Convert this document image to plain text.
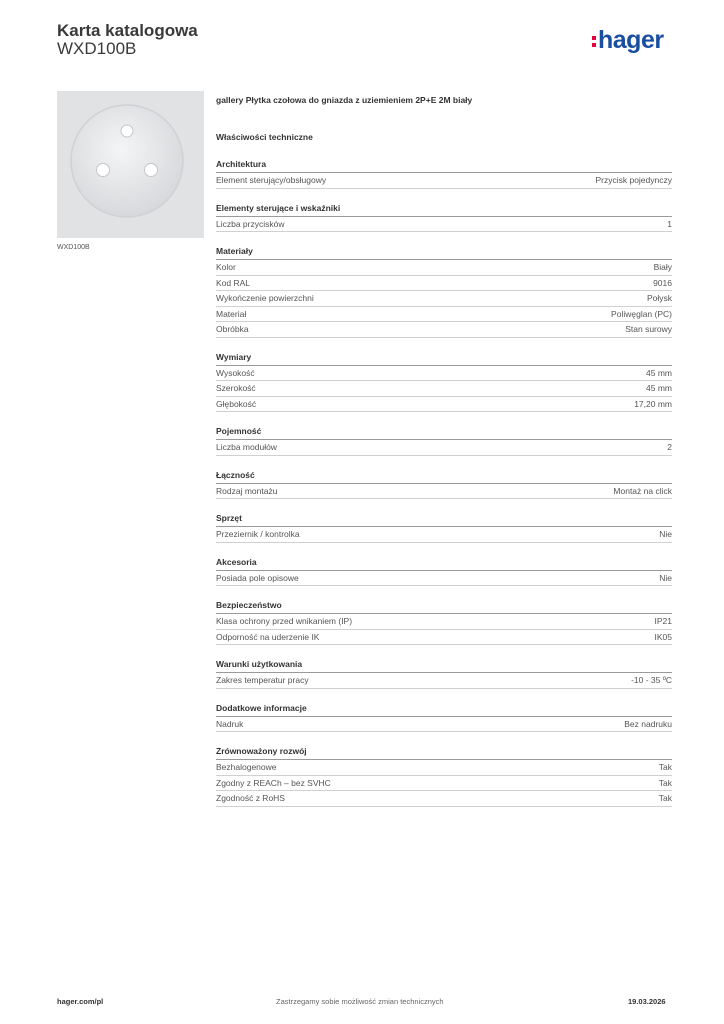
Karta katalogowa
WXD100B	hager
WXD100B
gallery Płytka czołowa do gniazda z uziemieniem 2P+E 2M biały
Właściwości techniczne
Architektura
Element sterujący/obsługowy	Przycisk pojedynczy
Elementy sterujące i wskaźniki
Liczba przycisków	1
Materiały
Kolor	Biały
Kod RAL	9016
Wykończenie powierzchni	Połysk
Materiał	Poliwęglan (PC)
Obróbka	Stan surowy
Wymiary
Wysokość	45 mm
Szerokość	45 mm
Głębokość	17,20 mm
Pojemność
Liczba modułów	2
Łączność
Rodzaj montażu	Montaż na click
Sprzęt
Przeziernik / kontrolka	Nie
Akcesoria
Posiada pole opisowe	Nie
Bezpieczeństwo
Klasa ochrony przed wnikaniem (IP)	IP21
Odporność na uderzenie IK	IK05
Warunki użytkowania
Zakres temperatur pracy	-10 - 35 ºC
Dodatkowe informacje
Nadruk	Bez nadruku
Zrównoważony rozwój
Bezhalogenowe	Tak
Zgodny z REACh – bez SVHC	Tak
Zgodność z RoHS	Tak
hager.com/pl	Zastrzegamy sobie możliwość zmian technicznych	19.03.2026
